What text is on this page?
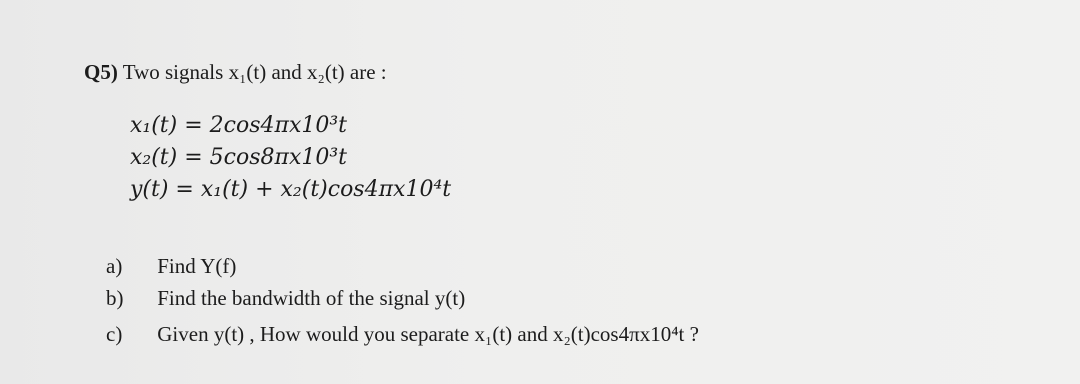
Q5) Two signals x₁(t) and x₂(t) are :
x₁(t) = 2cos4πx10³t
x₂(t) = 5cos8πx10³t
y(t) = x₁(t) + x₂(t)cos4πx10⁴t
a) Find Y(f)
b) Find the bandwidth of the signal y(t)
c) Given y(t) , How would you separate x₁(t) and x₂(t)cos4πx10⁴t ?
